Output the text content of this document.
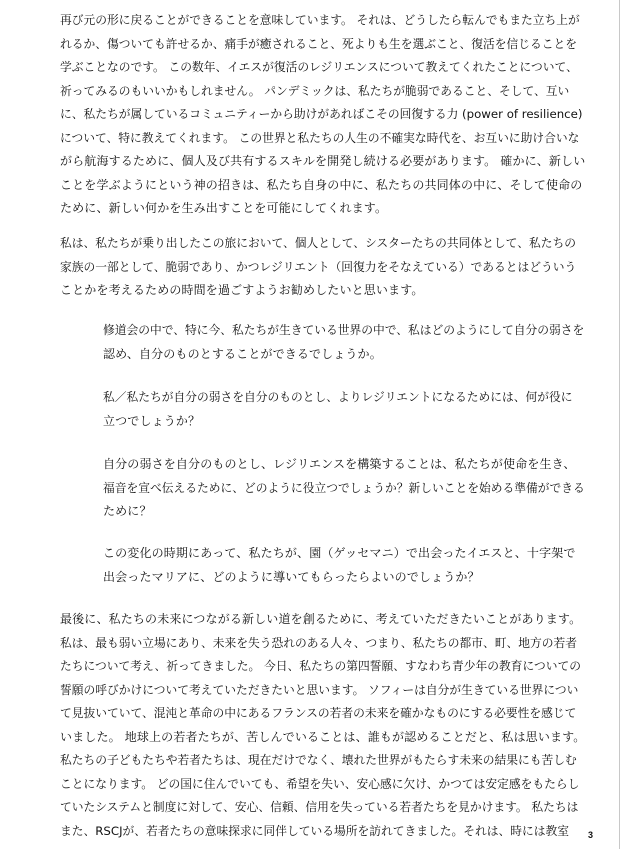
再び元の形に戻ることができることを意味しています。 それは、どうしたら転んでもまた立ち上が
れるか、傷ついても許せるか、痛手が癒されること、死よりも生を選ぶこと、復活を信じることを
学ぶことなのです。 この数年、イエスが復活のレジリエンスについて教えてくれたことについて、
祈ってみるのもいいかもしれません。 パンデミックは、私たちが脆弱であること、そして、互い
に、私たちが属しているコミュニティーから助けがあればこその回復する力 (power of resilience)
について、特に教えてくれます。 この世界と私たちの人生の不確実な時代を、お互いに助け合いな
がら航海するために、個人及び共有するスキルを開発し続ける必要があります。 確かに、新しい
ことを学ぶようにという神の招きは、私たち自身の中に、私たちの共同体の中に、そして使命の
ために、新しい何かを生み出すことを可能にしてくれます。

私は、私たちが乗り出したこの旅において、個人として、シスターたちの共同体として、私たちの
家族の一部として、脆弱であり、かつレジリエント（回復力をそなえている）であるとはどういう
ことかを考えるための時間を過ごすようお勧めしたいと思います。

修道会の中で、特に今、私たちが生きている世界の中で、私はどのようにして自分の弱さを
認め、自分のものとすることができるでしょうか。

私／私たちが自分の弱さを自分のものとし、よりレジリエントになるためには、何が役に
立つでしょうか？

自分の弱さを自分のものとし、レジリエンスを構築することは、私たちが使命を生き、
福音を宣べ伝えるために、どのように役立つでしょうか？新しいことを始める準備ができる
ために？

この変化の時期にあって、私たちが、園（ゲッセマニ）で出会ったイエスと、十字架で
出会ったマリアに、どのように導いてもらったらよいのでしょうか？

最後に、私たちの未来につながる新しい道を創るために、考えていただきたいことがあります。
私は、最も弱い立場にあり、未来を失う恐れのある人々、つまり、私たちの都市、町、地方の若者
たちについて考え、祈ってきました。 今日、私たちの第四誓願、すなわち青少年の教育についての
誓願の呼びかけについて考えていただきたいと思います。 ソフィーは自分が生きている世界につい
て見抜いていて、混沌と革命の中にあるフランスの若者の未来を確かなものにする必要性を感じて
いました。 地球上の若者たちが、苦しんでいることは、誰もが認めることだと、私は思います。
私たちの子どもたちや若者たちは、現在だけでなく、壊れた世界がもたらす未来の結果にも苦しむ
ことになります。 どの国に住んでいても、希望を失い、安心感に欠け、かつては安定感をもたらし
ていたシステムと制度に対して、安心、信頼、信用を失っている若者たちを見かけます。 私たちは
また、RSCJが、若者たちの意味探求に同伴している場所を訪れてきました。それは、時には教室	3
